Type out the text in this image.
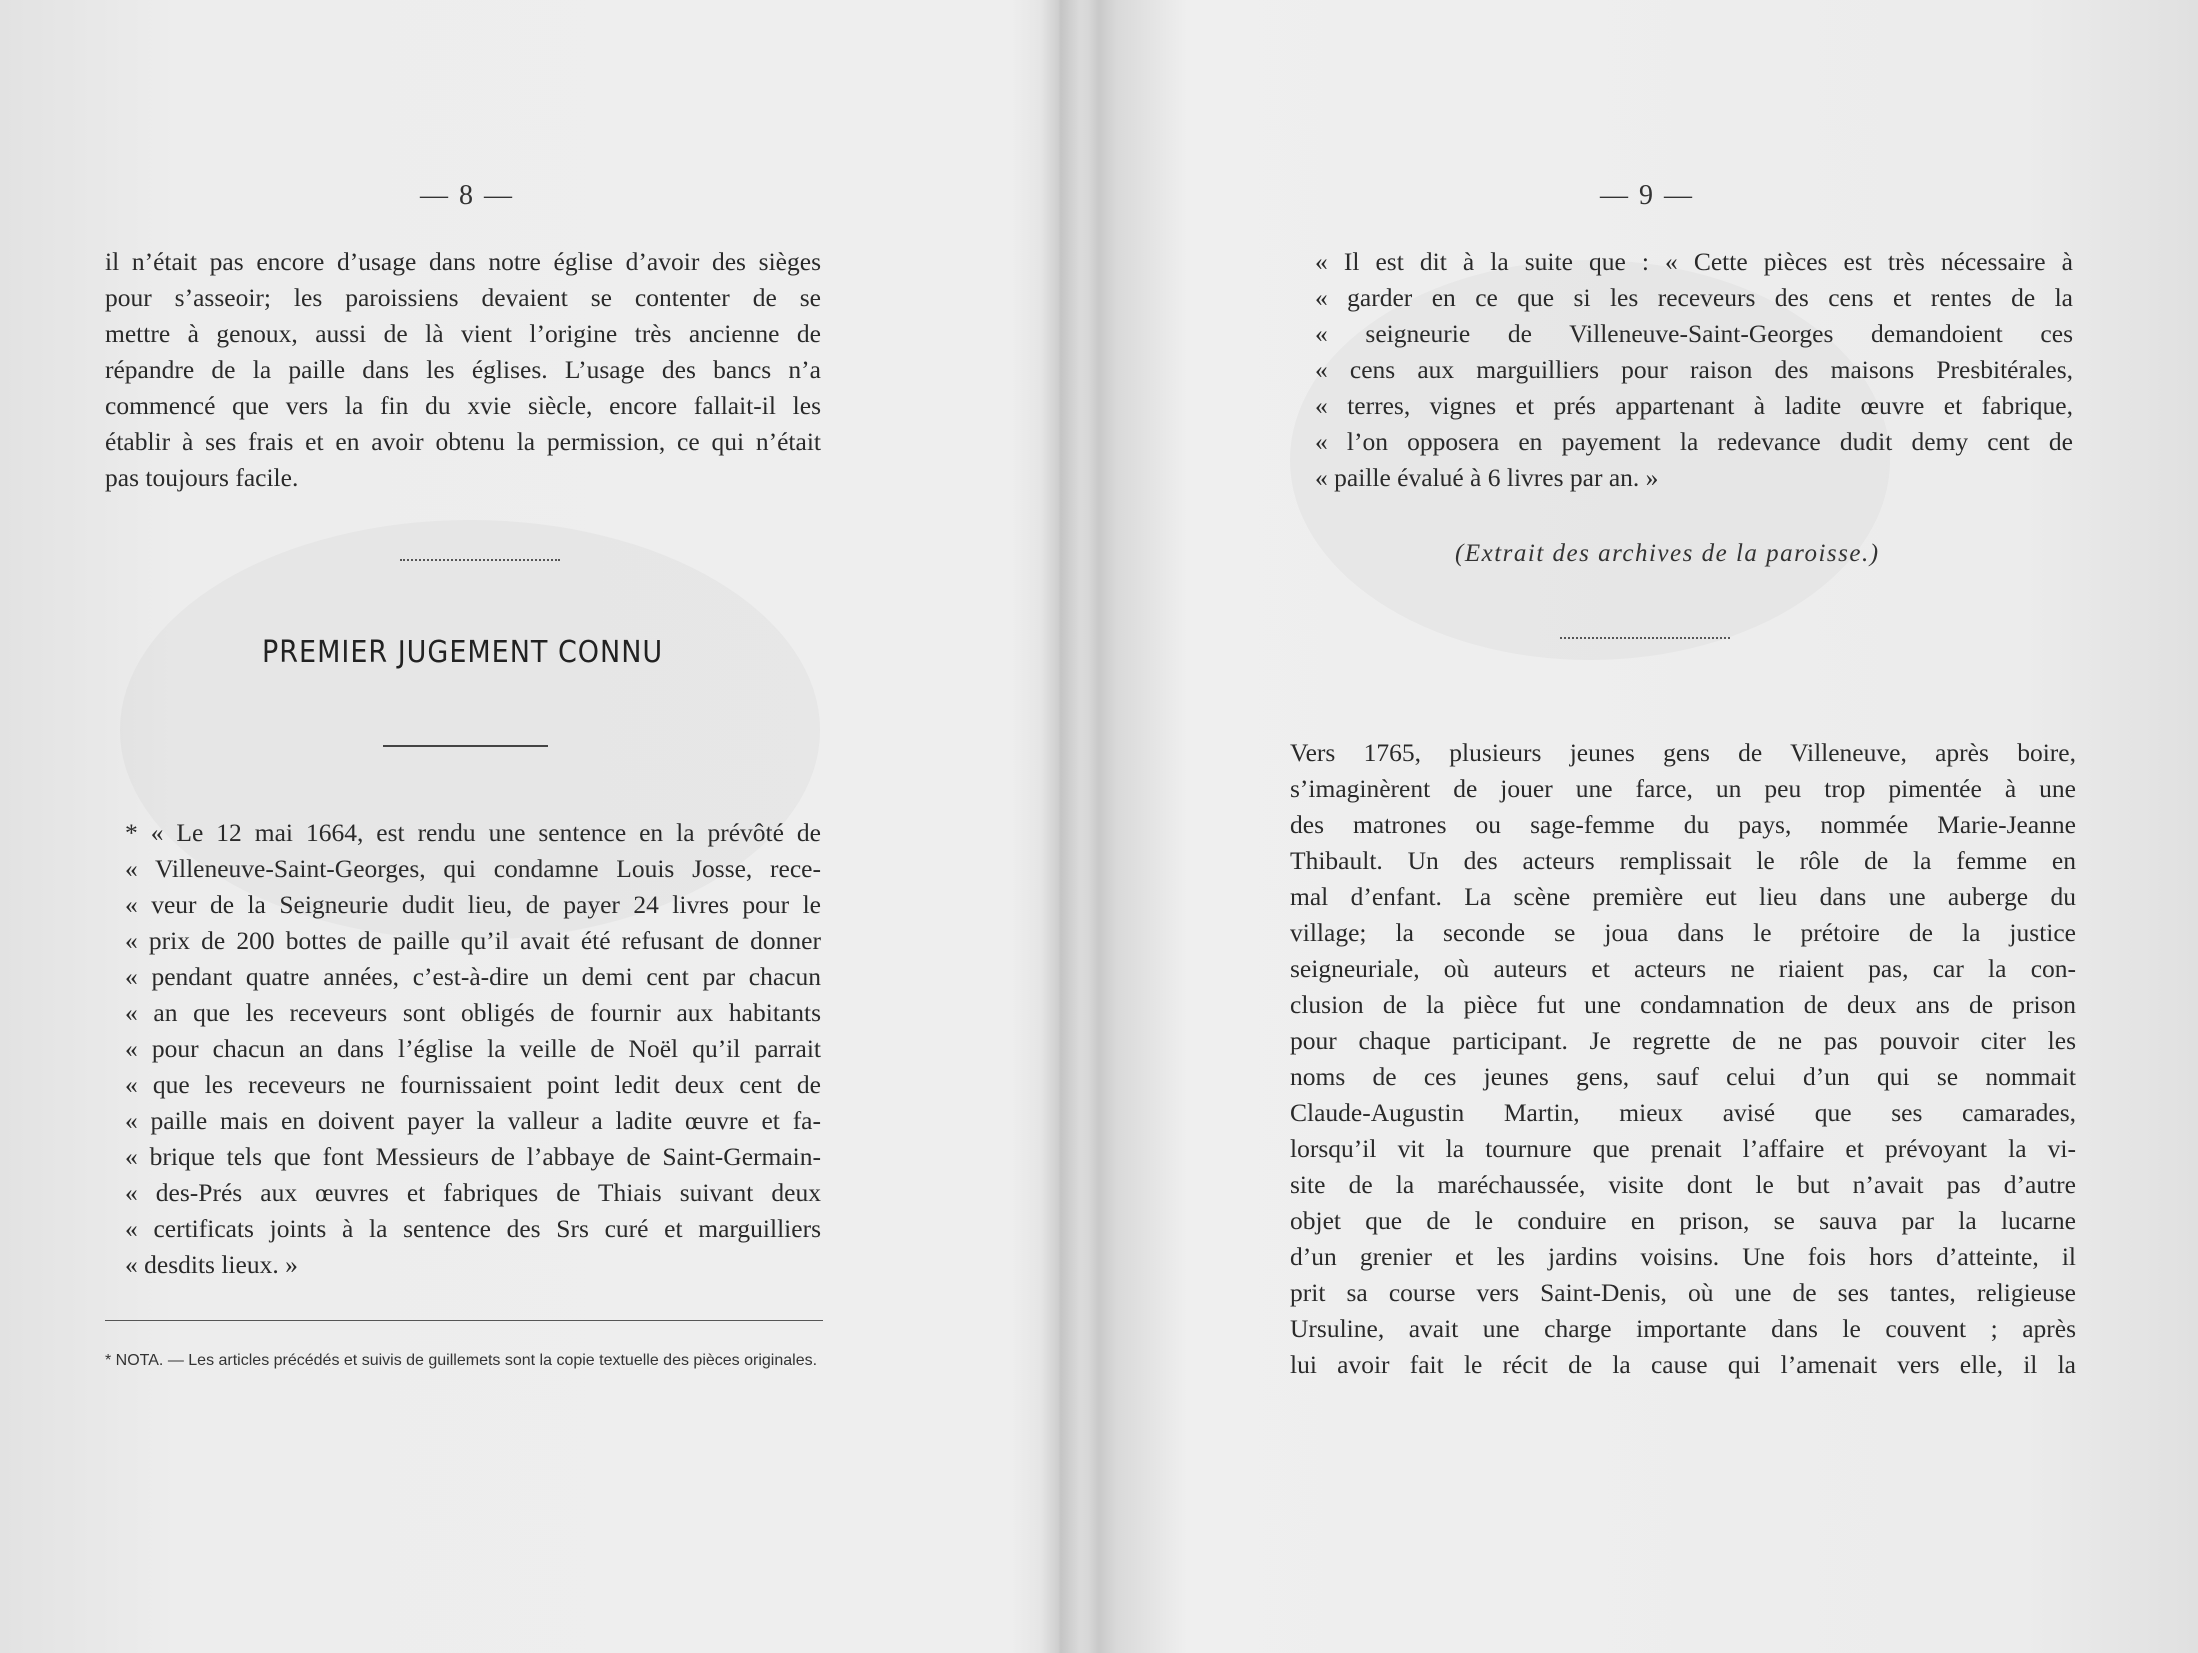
— 8 —
il n’était pas encore d’usage dans notre église d’avoir des sièges
pour s’asseoir; les paroissiens devaient se contenter de se
mettre à genoux, aussi de là vient l’origine très ancienne de
répandre de la paille dans les églises. L’usage des bancs n’a
commencé que vers la fin du xvie siècle, encore fallait-il les
établir à ses frais et en avoir obtenu la permission, ce qui n’était
pas toujours facile.
PREMIER JUGEMENT CONNU
* « Le 12 mai 1664, est rendu une sentence en la prévôté de
« Villeneuve-Saint-Georges, qui condamne Louis Josse, rece-
« veur de la Seigneurie dudit lieu, de payer 24 livres pour le
« prix de 200 bottes de paille qu’il avait été refusant de donner
« pendant quatre années, c’est-à-dire un demi cent par chacun
« an que les receveurs sont obligés de fournir aux habitants
« pour chacun an dans l’église la veille de Noël qu’il parrait
« que les receveurs ne fournissaient point ledit deux cent de
« paille mais en doivent payer la valleur a ladite œuvre et fa-
« brique tels que font Messieurs de l’abbaye de Saint-Germain-
« des-Prés aux œuvres et fabriques de Thiais suivant deux
« certificats joints à la sentence des Srs curé et marguilliers
« desdits lieux. »
* NOTA. — Les articles précédés et suivis de guillemets sont la copie textuelle des pièces originales.
— 9 —
« Il est dit à la suite que : « Cette pièces est très nécessaire à
« garder en ce que si les receveurs des cens et rentes de la
« seigneurie de Villeneuve-Saint-Georges demandoient ces
« cens aux marguilliers pour raison des maisons Presbitérales,
« terres, vignes et prés appartenant à ladite œuvre et fabrique,
« l’on opposera en payement la redevance dudit demy cent de
« paille évalué à 6 livres par an. »
(Extrait des archives de la paroisse.)
Vers 1765, plusieurs jeunes gens de Villeneuve, après boire,
s’imaginèrent de jouer une farce, un peu trop pimentée à une
des matrones ou sage-femme du pays, nommée Marie-Jeanne
Thibault. Un des acteurs remplissait le rôle de la femme en
mal d’enfant. La scène première eut lieu dans une auberge du
village; la seconde se joua dans le prétoire de la justice
seigneuriale, où auteurs et acteurs ne riaient pas, car la con-
clusion de la pièce fut une condamnation de deux ans de prison
pour chaque participant. Je regrette de ne pas pouvoir citer les
noms de ces jeunes gens, sauf celui d’un qui se nommait
Claude-Augustin Martin, mieux avisé que ses camarades,
lorsqu’il vit la tournure que prenait l’affaire et prévoyant la vi-
site de la maréchaussée, visite dont le but n’avait pas d’autre
objet que de le conduire en prison, se sauva par la lucarne
d’un grenier et les jardins voisins. Une fois hors d’atteinte, il
prit sa course vers Saint-Denis, où une de ses tantes, religieuse
Ursuline, avait une charge importante dans le couvent ; après
lui avoir fait le récit de la cause qui l’amenait vers elle, il la
